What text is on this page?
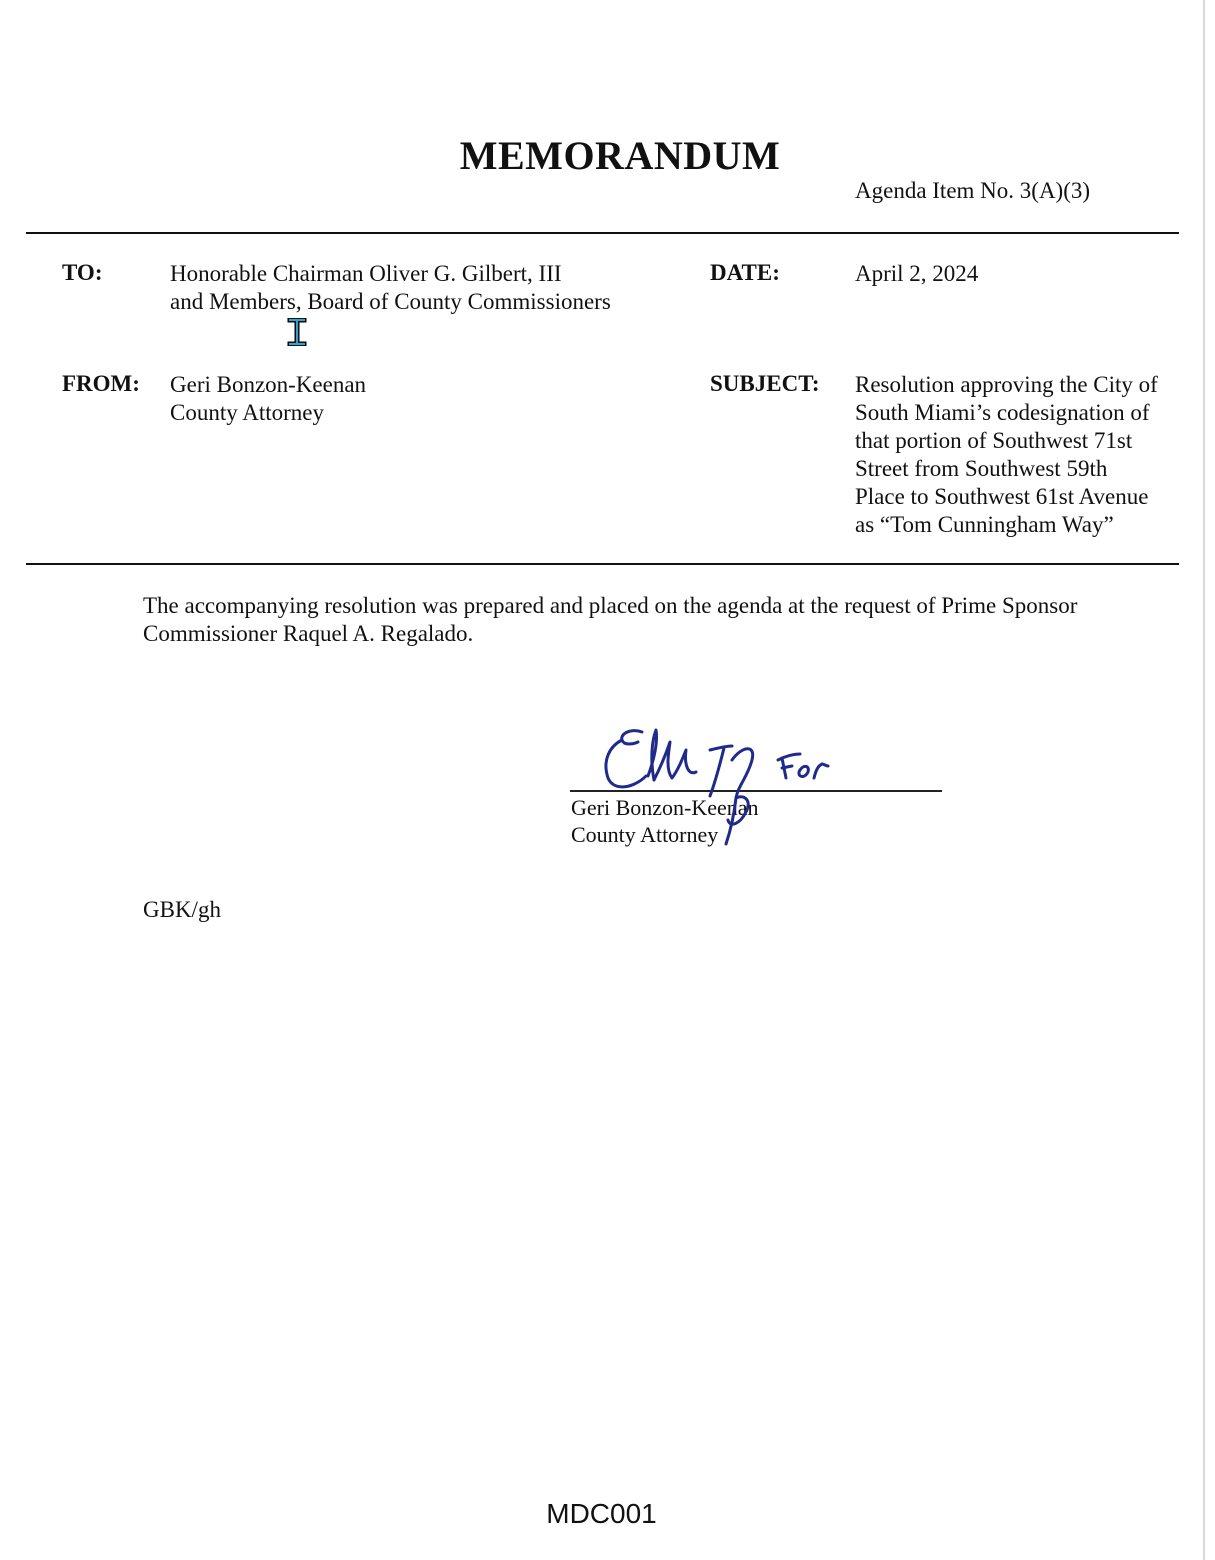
MEMORANDUM
Agenda Item No. 3(A)(3)
TO:	Honorable Chairman Oliver G. Gilbert, III
and Members, Board of County Commissioners
DATE:	April 2, 2024
FROM: Geri Bonzon-Keenan
County Attorney
SUBJECT: Resolution approving the City of
South Miami’s codesignation of
that portion of Southwest 71st
Street from Southwest 59th
Place to Southwest 61st Avenue
as “Tom Cunningham Way”
The accompanying resolution was prepared and placed on the agenda at the request of Prime Sponsor
Commissioner Raquel A. Regalado.
Geri Bonzon-Keenan
County Attorney
GBK/gh
MDC001
